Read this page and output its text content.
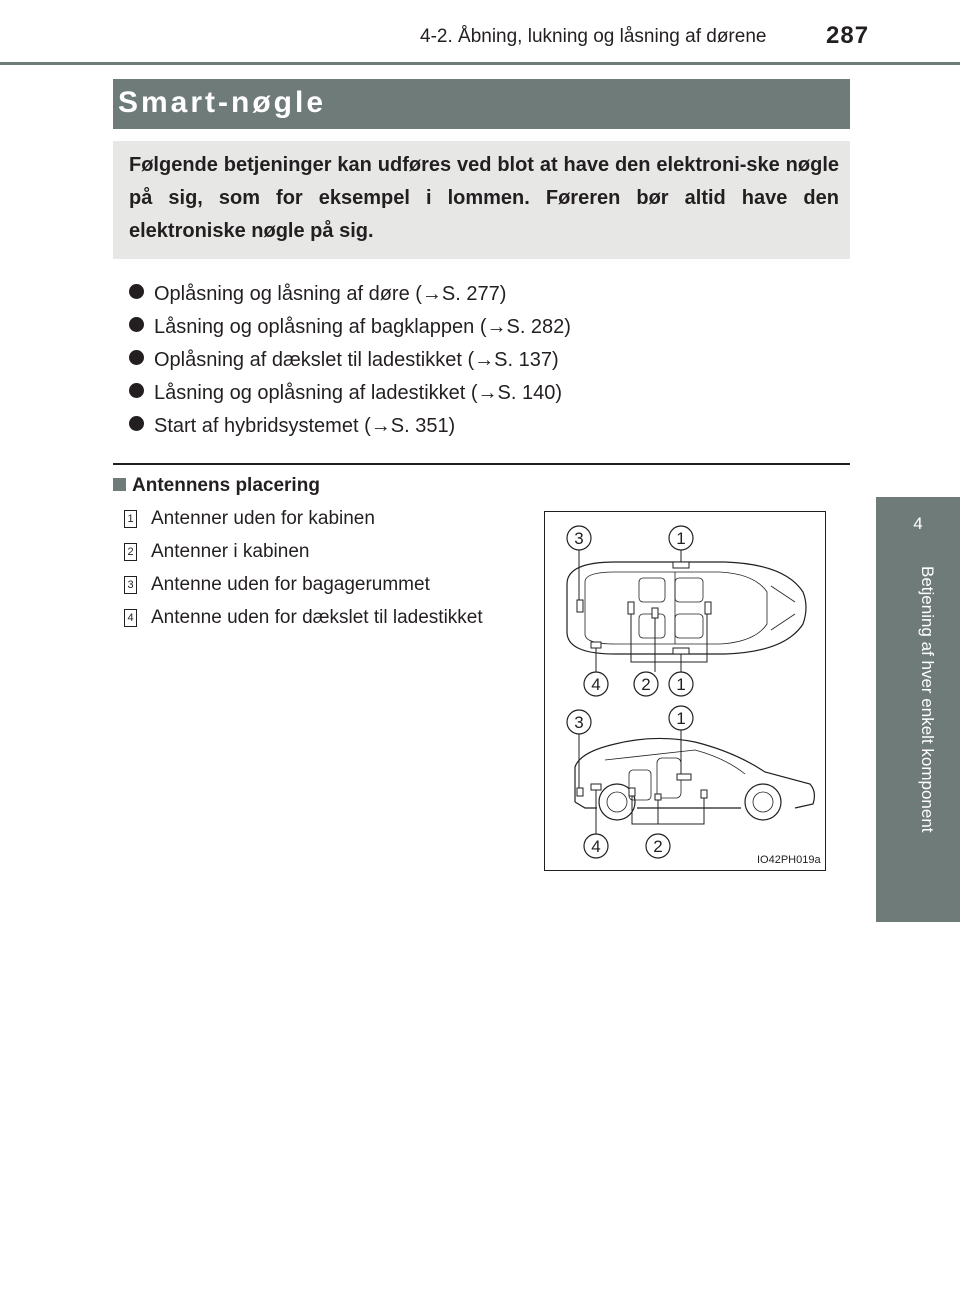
4-2. Åbning, lukning og låsning af dørene 287
4
Betjening af hver enkelt komponent
Smart-nøgle
Følgende betjeninger kan udføres ved blot at have den elektroni-ske nøgle på sig, som for eksempel i lommen. Føreren bør altid have den elektroniske nøgle på sig.
Oplåsning og låsning af døre (→S. 277)
Låsning og oplåsning af bagklappen (→S. 282)
Oplåsning af dækslet til ladestikket (→S. 137)
Låsning og oplåsning af ladestikket (→S. 140)
Start af hybridsystemet (→S. 351)
Antennens placering
1 Antenner uden for kabinen
2 Antenner i kabinen
3 Antenne uden for bagagerummet
4 Antenne uden for dækslet til ladestikket
3	1
4 2 1
3	1
4	2
IO42PH019a
